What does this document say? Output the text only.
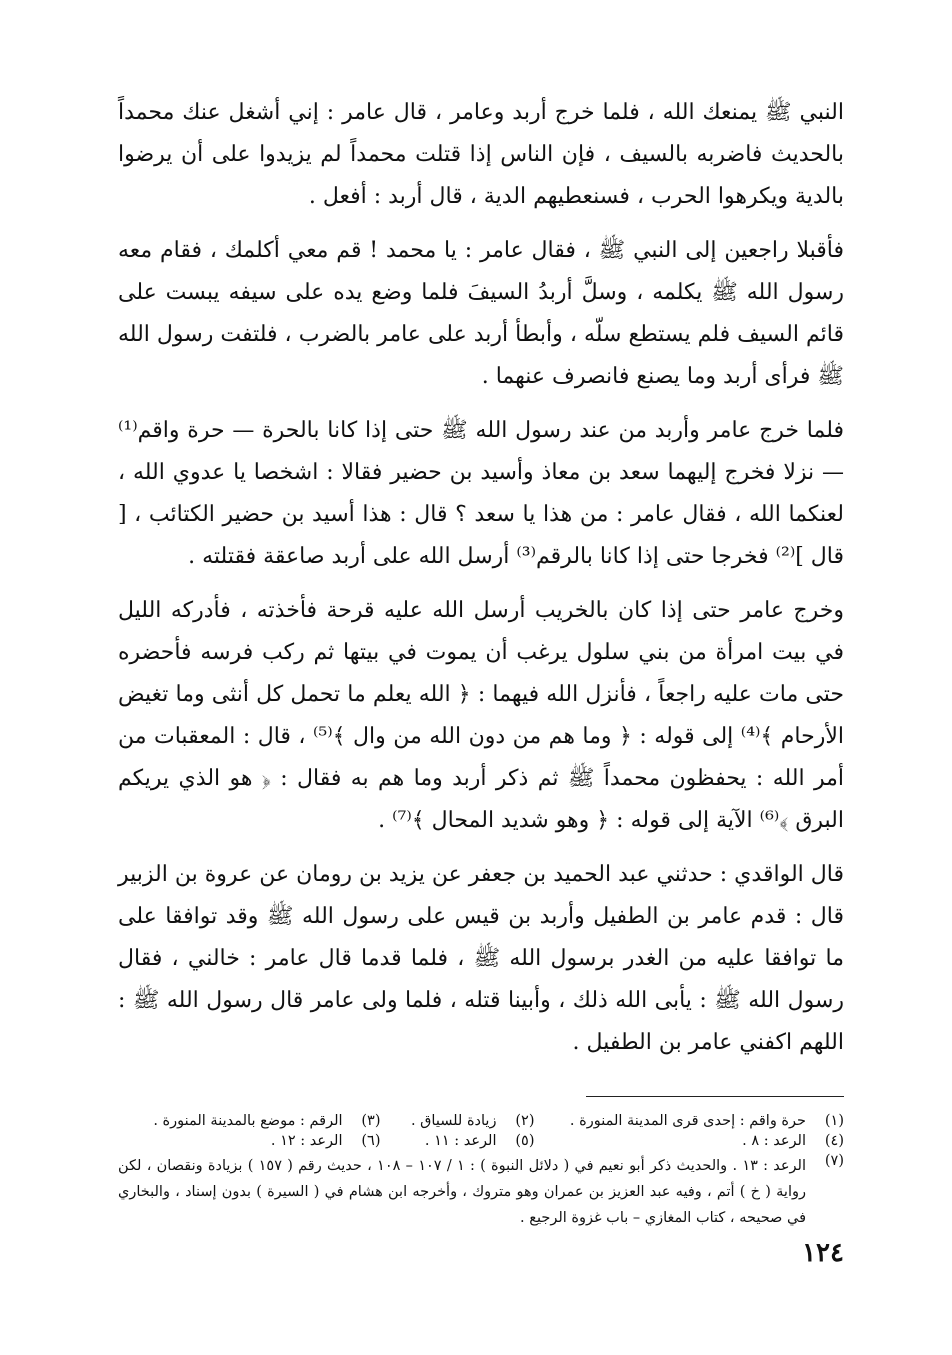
النبي ﷺ يمنعك الله ، فلما خرج أربد وعامر ، قال عامر : إني أشغل عنك محمداً بالحديث فاضربه بالسيف ، فإن الناس إذا قتلت محمداً لم يزيدوا على أن يرضوا بالدية ويكرهوا الحرب ، فسنعطيهم الدية ، قال أربد : أفعل .

فأقبلا راجعين إلى النبي ﷺ ، فقال عامر : يا محمد ! قم معي أكلمك ، فقام معه رسول الله ﷺ يكلمه ، وسلَّ أربدُ السيفَ فلما وضع يده على سيفه يبست على قائم السيف فلم يستطع سلّه ، وأبطأ أربد على عامر بالضرب ، فلتفت رسول الله ﷺ فرأى أربد وما يصنع فانصرف عنهما .

فلما خرج عامر وأربد من عند رسول الله ﷺ حتى إذا كانا بالحرة — حرة واقم⁽¹⁾ — نزلا فخرج إليهما سعد بن معاذ وأسيد بن حضير فقالا : اشخصا يا عدوي الله ، لعنكما الله ، فقال عامر : من هذا يا سعد ؟ قال : هذا أسيد بن حضير الكتائب ، [ قال ]⁽²⁾ فخرجا حتى إذا كانا بالرقم⁽³⁾ أرسل الله على أربد صاعقة فقتلته .

وخرج عامر حتى إذا كان بالخريب أرسل الله عليه قرحة فأخذته ، فأدركه الليل في بيت امرأة من بني سلول يرغب أن يموت في بيتها ثم ركب فرسه فأحضره حتى مات عليه راجعاً ، فأنزل الله فيهما : ﴿ الله يعلم ما تحمل كل أنثى وما تغيض الأرحام ﴾⁽⁴⁾ إلى قوله : ﴿ وما هم من دون الله من وال ﴾⁽⁵⁾ ، قال : المعقبات من أمر الله : يحفظون محمداً ﷺ ثم ذكر أربد وما هم به فقال : ﴿ هو الذي يريكم البرق ﴾⁽⁶⁾ الآية إلى قوله : ﴿ وهو شديد المحال ﴾⁽⁷⁾ .

قال الواقدي : حدثني عبد الحميد بن جعفر عن يزيد بن رومان عن عروة بن الزبير قال : قدم عامر بن الطفيل وأربد بن قيس على رسول الله ﷺ وقد توافقا على ما توافقا عليه من الغدر برسول الله ﷺ ، فلما قدما قال عامر : خالني ، فقال رسول الله ﷺ : يأبى الله ذلك ، وأبينا قتله ، فلما ولى عامر قال رسول الله ﷺ : اللهم اكفني عامر بن الطفيل .

(١)	حرة واقم : إحدى قرى المدينة المنورة .	(٢)	زيادة للسياق .	(٣)	الرقم : موضع بالمدينة المنورة .
(٤)	الرعد : ٨ .	(٥)	الرعد : ١١ .	(٦)	الرعد : ١٢ .
(٧)	الرعد : ١٣ . والحديث ذكر أبو نعيم في ( دلائل النبوة ) : ١ / ١٠٧ – ١٠٨ ، حديث رقم ( ١٥٧ ) بزيادة ونقصان ، لكن رواية ( خ ) أتم ، وفيه عبد العزيز بن عمران وهو متروك ، وأخرجه ابن هشام في ( السيرة ) بدون إسناد ، والبخاري في صحيحه ، كتاب المغازي – باب غزوة الرجيع .				
١٢٤
